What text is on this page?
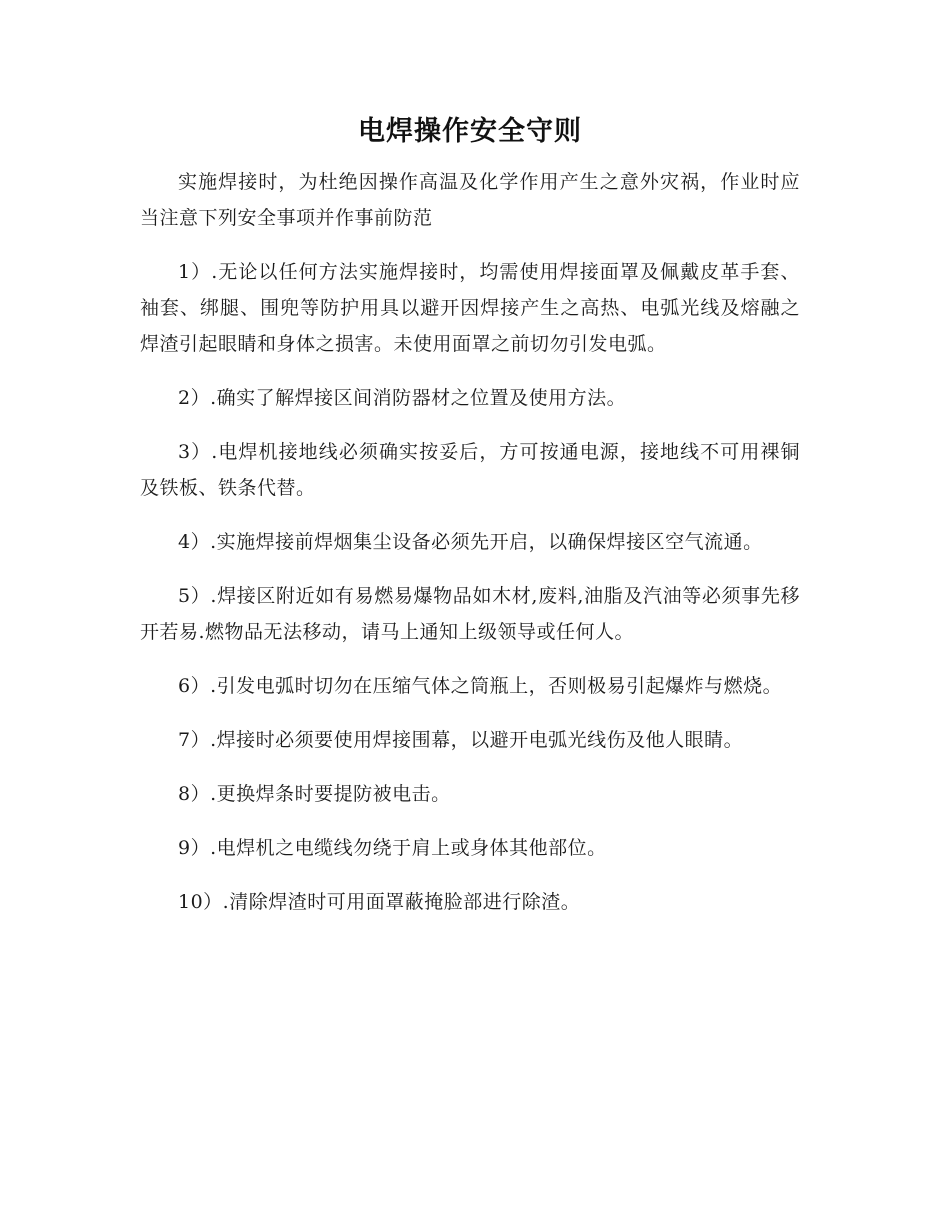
电焊操作安全守则

实施焊接时，为杜绝因操作高温及化学作用产生之意外灾祸，作业时应当注意下列安全事项并作事前防范

1）.无论以任何方法实施焊接时，均需使用焊接面罩及佩戴皮革手套、袖套、绑腿、围兜等防护用具以避开因焊接产生之高热、电弧光线及熔融之焊渣引起眼睛和身体之损害。未使用面罩之前切勿引发电弧。

2）.确实了解焊接区间消防器材之位置及使用方法。

3）.电焊机接地线必须确实按妥后，方可按通电源，接地线不可用裸铜及铁板、铁条代替。

4）.实施焊接前焊烟集尘设备必须先开启，以确保焊接区空气流通。

5）.焊接区附近如有易燃易爆物品如木材,废料,油脂及汽油等必须事先移开若易.燃物品无法移动，请马上通知上级领导或任何人。

6）.引发电弧时切勿在压缩气体之筒瓶上，否则极易引起爆炸与燃烧。

7）.焊接时必须要使用焊接围幕，以避开电弧光线伤及他人眼睛。

8）.更换焊条时要提防被电击。

9）.电焊机之电缆线勿绕于肩上或身体其他部位。

10）.清除焊渣时可用面罩蔽掩脸部进行除渣。
